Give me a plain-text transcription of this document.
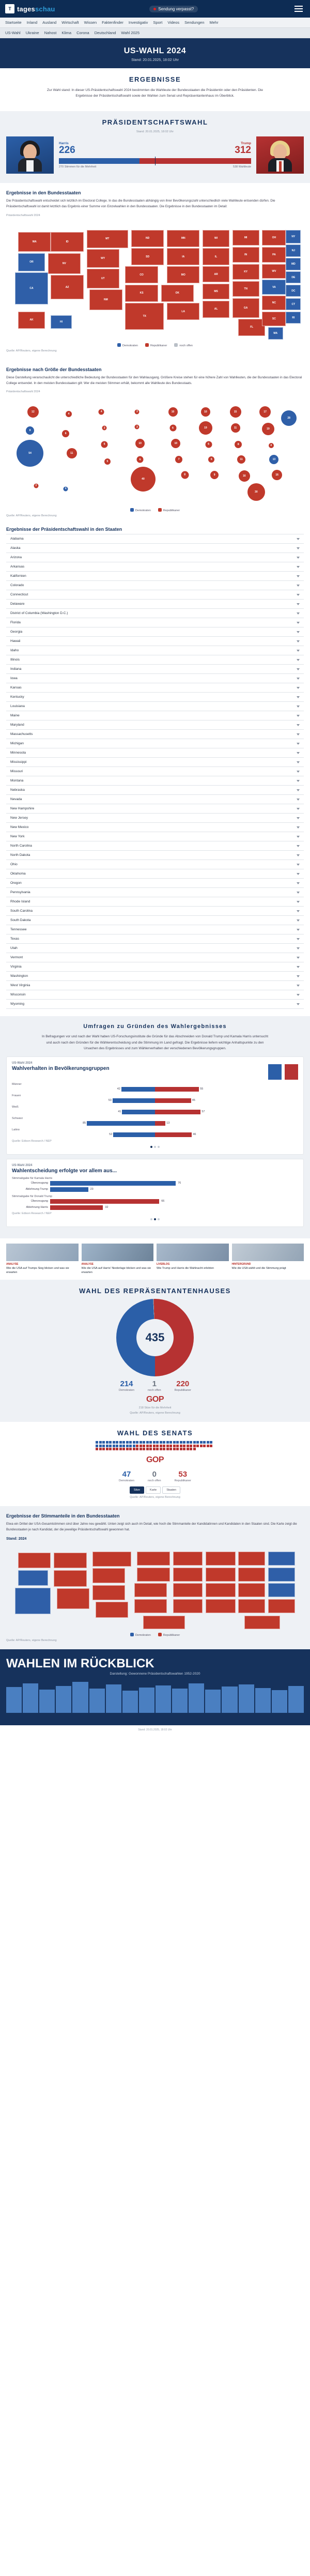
T tagesschau	Sendung verpasst?
Startseite Inland Ausland Wirtschaft Wissen Faktenfinder Investigativ Sport Videos Sendungen Mehr
US-Wahl Ukraine Nahost Klima Corona Deutschland Wahl 2025
US-WAHL 2024
Stand: 20.01.2025, 18:02 Uhr
ERGEBNISSE
Zur Wahl stand: In dieser US-Präsidentschaftswahl 2024 bestimmten die Wahlleute der Bundesstaaten die Präsidentin oder den Präsidenten. Die Ergebnisse der Präsidentschaftswahl sowie der Wahlen zum Senat und Repräsentantenhaus im Überblick.
PRÄSIDENTSCHAFTSWAHL
Stand: 20.01.2025, 18:02 Uhr
Harris
226
Trump
312
270 Stimmen für die Mehrheit	538 Wahlleute
Ergebnisse in den Bundesstaaten
Die Präsidentschaftswahl entscheidet sich letztlich im Electoral College. In das die Bundesstaaten abhängig von ihrer Bevölkerungszahl unterschiedlich viele Wahlleute entsenden dürfen. Die Präsidentschaftswahl ist damit letztlich das Ergebnis einer Summe von Einzelwahlen in den Bundesstaaten. Die Ergebnisse in den Bundesstaaten im Detail:
Präsidentschaftswahl 2024
WA
OR
CA
ID
NV
AZ
MT
WY
UT
NM
ND
SD
CO
KS
TX
MN
IA
OK
LA
MO
WI
IL
AR
MS
AL
MI
IN
KY
TN
GA
FL
OH
PA
WV
VA
NC
SC
NY
NJ
MD
DE
DC
CT
RI
MA
AK
HI
Demokraten	Republikaner	noch offen
Quelle: AP/Reuters, eigene Berechnung
Ergebnisse nach Größe der Bundesstaaten
Diese Darstellung veranschaulicht die unterschiedliche Bedeutung der Bundesstaaten für den Wahlausgang. Größere Kreise stehen für eine höhere Zahl von Wahlleuten, die der Bundesstaaten in das Electoral College entsendet. In den meisten Bundesstaaten gilt: Wer die meisten Stimmen erhält, bekommt alle Wahlleute des Bundesstaats.
Präsidentschaftswahl 2024
12
8
54
4
6
11
4
3
6
5
3
3
10
6
40
10
6
10
7
8
10
19
6
6
9
15
11
8
11
16
30
17
19
4
13
16
28
3
4
Demokraten	Republikaner
Quelle: AP/Reuters, eigene Berechnung
Ergebnisse der Präsidentschaftswahl in den Staaten
Alabama
Alaska
Arizona
Arkansas
Kalifornien
Colorado
Connecticut
Delaware
District of Columbia (Washington D.C.)
Florida
Georgia
Hawaii
Idaho
Illinois
Indiana
Iowa
Kansas
Kentucky
Louisiana
Maine
Maryland
Massachusetts
Michigan
Minnesota
Mississippi
Missouri
Montana
Nebraska
Nevada
New Hampshire
New Jersey
New Mexico
New York
North Carolina
North Dakota
Ohio
Oklahoma
Oregon
Pennsylvania
Rhode Island
South Carolina
South Dakota
Tennessee
Texas
Utah
Vermont
Virginia
Washington
West Virginia
Wisconsin
Wyoming
Umfragen zu Gründen des Wahlergebnisses
In Befragungen vor und nach der Wahl haben US-Forschungsinstitute die Gründe für das Abschneiden von Donald Trump und Kamala Harris untersucht und auch nach den Gründen für die Wählerentscheidung und die Stimmung im Land gefragt. Die Ergebnisse liefern wichtige Anhaltspunkte zu den Ursachen des Ergebnisses und zum Wählerverhalten der verschiedenen Bevölkerungsgruppen.
US-Wahl 2024
Wahlverhalten in Bevölkerungsgruppen
Männer
42	55
Frauen
53	45
Weiß
41	57
Schwarz
85	13
Latino
52	46
Quelle: Edison Research / NEP
US-Wahl 2024
Wahlentscheidung erfolgte vor allem aus...
Stimmabgabe für Kamala Harris
Überzeugung	76
Ablehnung Trump	23
Stimmabgabe für Donald Trump
Überzeugung	66
Ablehnung Harris	32
Quelle: Edison Research / NEP
ANALYSE
Wie die USA auf Trumps Sieg blicken und was sie erwarten
ANALYSE
Wie die USA auf Harris' Niederlage blicken und was sie erwarten
LIVEBLOG
Wie Trump und Harris die Wahlnacht erlebten
HINTERGRUND
Wie die USA wählt und die Stimmung prägt
WAHL DES REPRÄSENTANTENHAUSES
435
214
Demokraten
1
noch offen
220
Republikaner
GOP
218 Sitze für die Mehrheit
Quelle: AP/Reuters, eigene Berechnung
WAHL DES SENATS
GOP
47
Demokraten
0
noch offen
53
Republikaner
Sitze	Karte	Staaten
Quelle: AP/Reuters, eigene Berechnung
Ergebnisse der Stimmanteile in den Bundesstaaten
Etwa ein Drittel der USA-Gesamtstimmen sind über Jahre neu gewählt. Unten zeigt sich auch im Detail, wie hoch die Stimmanteile der Kandidatinnen und Kandidaten in den Staaten sind. Die Karte zeigt die Bundesstaaten je nach Kandidat, der die jeweilige Präsidentschaftswahl gewonnen hat.
Stand: 2024
Demokraten	Republikaner
Quelle: AP/Reuters, eigene Berechnung
WAHLEN IM RÜCKBLICK
Darstellung: Gewonnene Präsidentschaftswahlen 1952-2020
Stand: 20.01.2025, 18:02 Uhr
